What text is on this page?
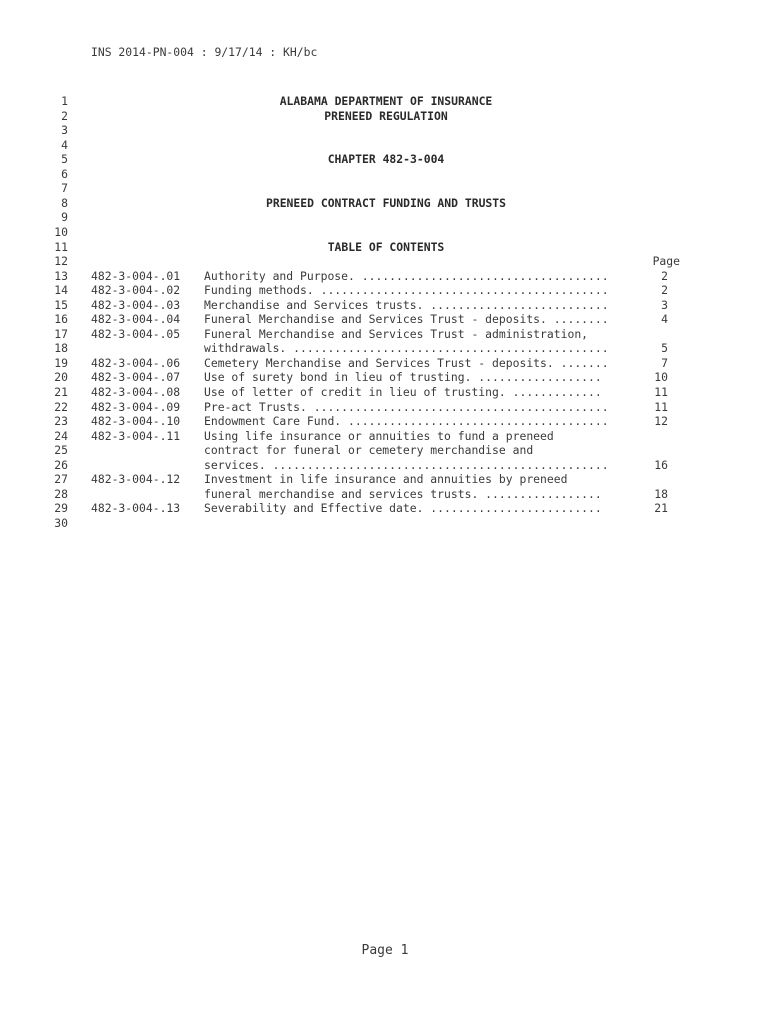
INS 2014-PN-004 : 9/17/14 : KH/bc
1	ALABAMA DEPARTMENT OF INSURANCE
2	PRENEED REGULATION
3
4
5	CHAPTER 482-3-004
6
7
8	PRENEED CONTRACT FUNDING AND TRUSTS
9
10
11	TABLE OF CONTENTS
12	Page
13 482-3-004-.01 Authority and Purpose. ....................................	2
14 482-3-004-.02 Funding methods. ..........................................	2
15 482-3-004-.03 Merchandise and Services trusts. ..........................	3
16 482-3-004-.04 Funeral Merchandise and Services Trust - deposits. ........	4
17 482-3-004-.05 Funeral Merchandise and Services Trust - administration,
18	withdrawals. ..............................................	5
19 482-3-004-.06 Cemetery Merchandise and Services Trust - deposits. .......	7
20 482-3-004-.07 Use of surety bond in lieu of trusting. ..................	10
21 482-3-004-.08 Use of letter of credit in lieu of trusting. .............	11
22 482-3-004-.09 Pre-act Trusts. ...........................................	11
23 482-3-004-.10 Endowment Care Fund. ......................................	12
24 482-3-004-.11 Using life insurance or annuities to fund a preneed
25	contract for funeral or cemetery merchandise and
26	services. .................................................	16
27 482-3-004-.12 Investment in life insurance and annuities by preneed
28	funeral merchandise and services trusts. .................	18
29 482-3-004-.13 Severability and Effective date. .........................	21
30
Page 1
